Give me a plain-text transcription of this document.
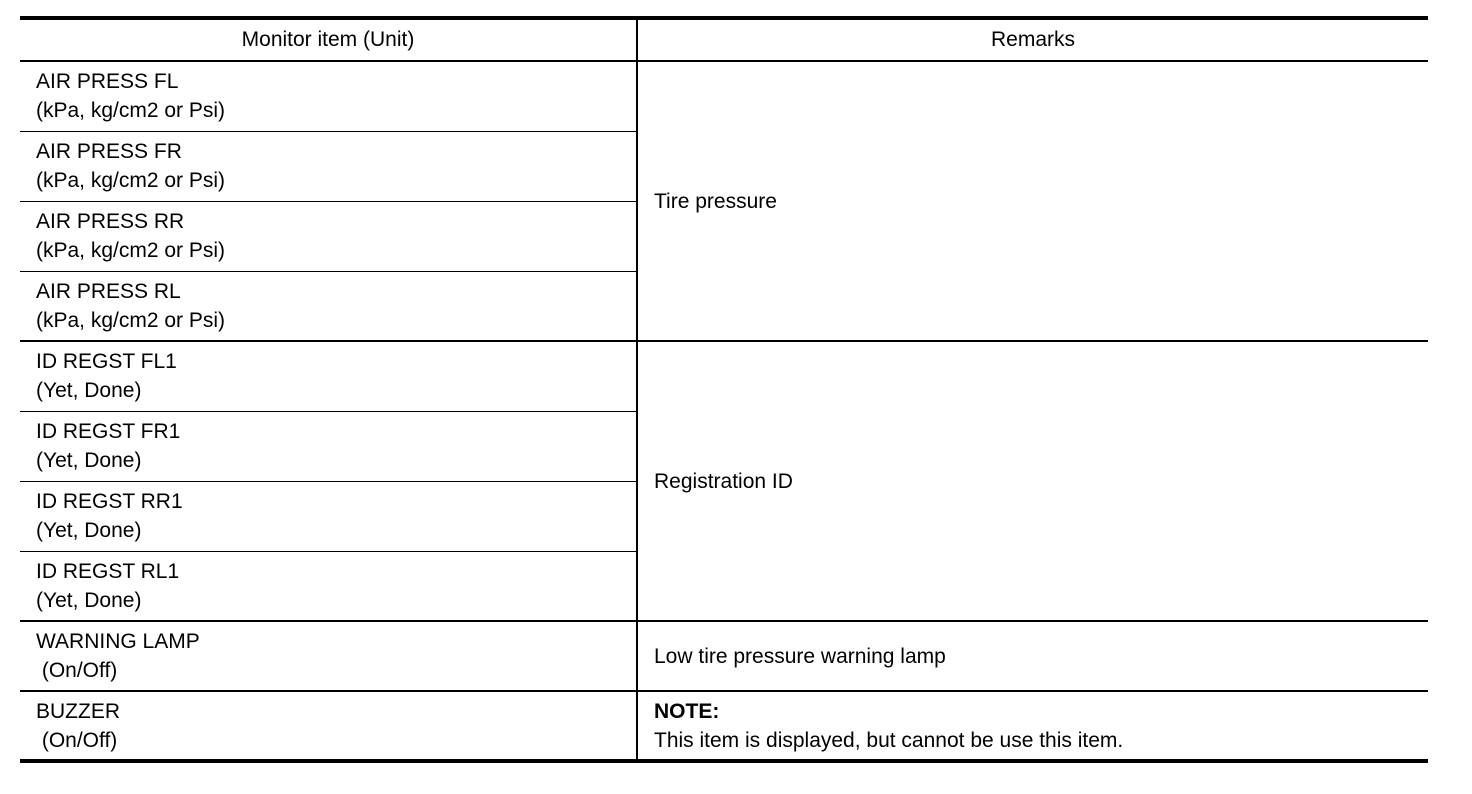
Monitor item (Unit)	Remarks

AIR PRESS FL
(kPa, kg/cm2 or Psi)	Tire pressure

AIR PRESS FR
(kPa, kg/cm2 or Psi)	

AIR PRESS RR
(kPa, kg/cm2 or Psi)	

AIR PRESS RL
(kPa, kg/cm2 or Psi)	

ID REGST FL1
(Yet, Done)	Registration ID

ID REGST FR1
(Yet, Done)	

ID REGST RR1
(Yet, Done)	

ID REGST RL1
(Yet, Done)	

WARNING LAMP
(On/Off)	Low tire pressure warning lamp

BUZZER
(On/Off)	NOTE:
This item is displayed, but cannot be use this item.
